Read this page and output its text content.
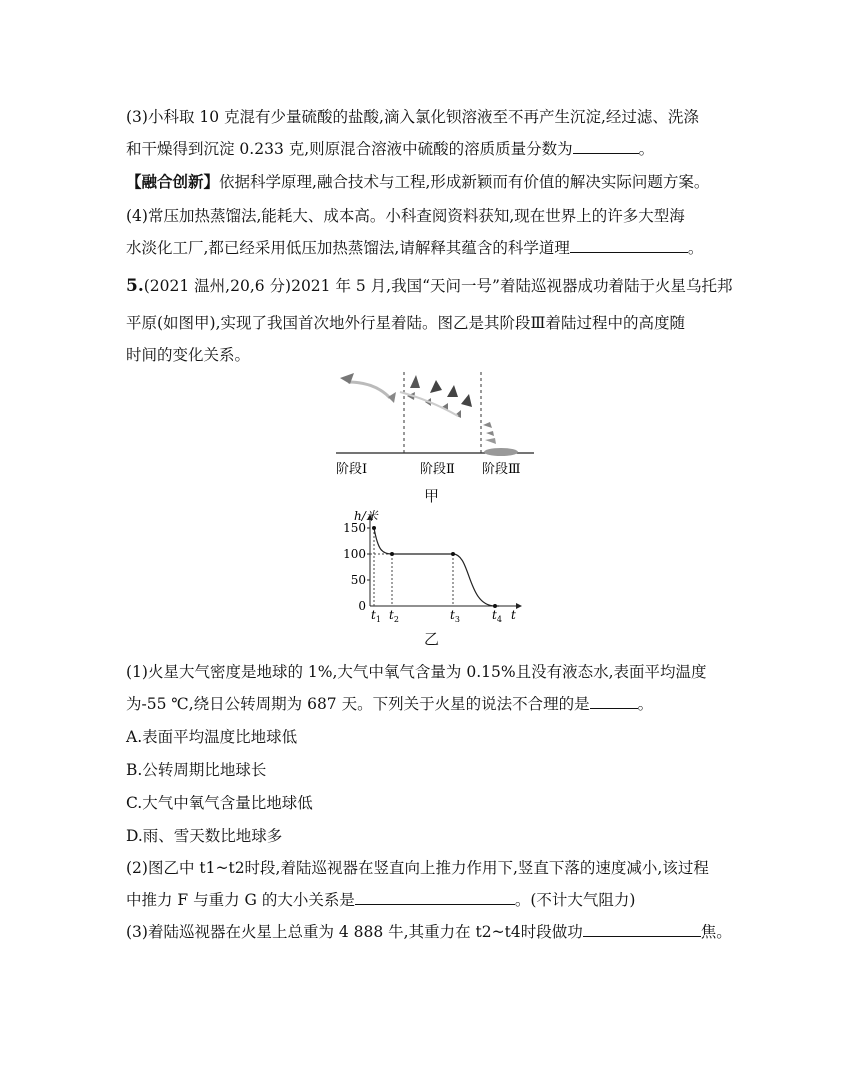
(3)小科取 10 克混有少量硫酸的盐酸,滴入氯化钡溶液至不再产生沉淀,经过滤、洗涤
和干燥得到沉淀 0.233 克,则原混合溶液中硫酸的溶质质量分数为	。
【融合创新】依据科学原理,融合技术与工程,形成新颖而有价值的解决实际问题方案。
(4)常压加热蒸馏法,能耗大、成本高。小科查阅资料获知,现在世界上的许多大型海
水淡化工厂,都已经采用低压加热蒸馏法,请解释其蕴含的科学道理	。
5.(2021 温州,20,6 分)2021 年 5 月,我国“天问一号”着陆巡视器成功着陆于火星乌托邦
平原(如图甲),实现了我国首次地外行星着陆。图乙是其阶段Ⅲ着陆过程中的高度随
时间的变化关系。
阶段Ⅰ	阶段Ⅱ 阶段Ⅲ
甲
h/米
t
150
100
50
0
$t_1$ $t_2$	$t_3$	$t_4$
乙
(1)火星大气密度是地球的 1%,大气中氧气含量为 0.15%且没有液态水,表面平均温度
为-55 ℃,绕日公转周期为 687 天。下列关于火星的说法不合理的是	。
A.表面平均温度比地球低
B.公转周期比地球长
C.大气中氧气含量比地球低
D.雨、雪天数比地球多
(2)图乙中 t1~t2时段,着陆巡视器在竖直向上推力作用下,竖直下落的速度减小,该过程
中推力 F 与重力 G 的大小关系是	。(不计大气阻力)
(3)着陆巡视器在火星上总重为 4 888 牛,其重力在 t2~t4时段做功	焦。
